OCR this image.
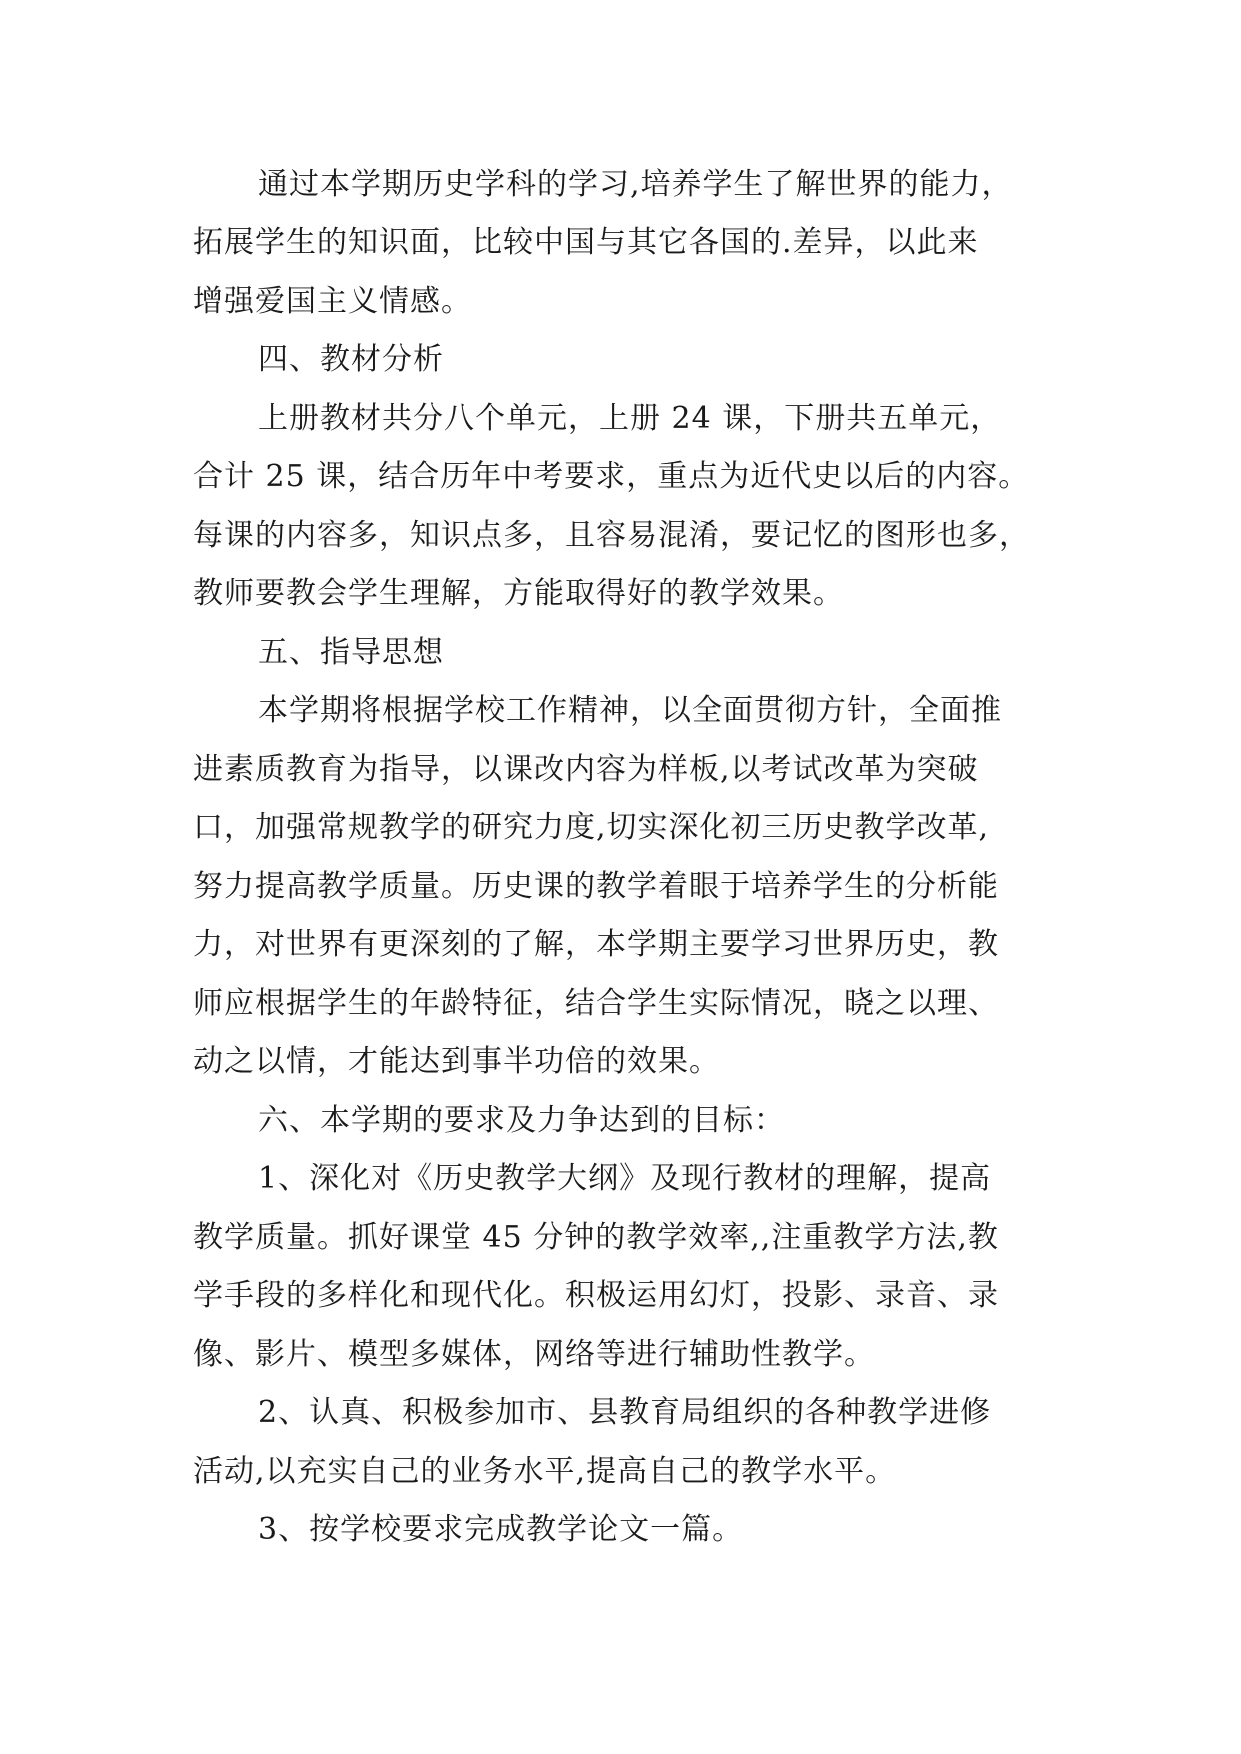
通过本学期历史学科的学习,培养学生了解世界的能力，
拓展学生的知识面，比较中国与其它各国的.差异，以此来
增强爱国主义情感。
四、教材分析
上册教材共分八个单元，上册 24 课，下册共五单元，
合计 25 课，结合历年中考要求，重点为近代史以后的内容。
每课的内容多，知识点多，且容易混淆，要记忆的图形也多，
教师要教会学生理解，方能取得好的教学效果。
五、指导思想
本学期将根据学校工作精神，以全面贯彻方针，全面推
进素质教育为指导，以课改内容为样板,以考试改革为突破
口，加强常规教学的研究力度,切实深化初三历史教学改革,
努力提高教学质量。历史课的教学着眼于培养学生的分析能
力，对世界有更深刻的了解，本学期主要学习世界历史，教
师应根据学生的年龄特征，结合学生实际情况，晓之以理、
动之以情，才能达到事半功倍的效果。
六、本学期的要求及力争达到的目标：
1、深化对《历史教学大纲》及现行教材的理解，提高
教学质量。抓好课堂 45 分钟的教学效率,,注重教学方法,教
学手段的多样化和现代化。积极运用幻灯，投影、录音、录
像、影片、模型多媒体，网络等进行辅助性教学。
2、认真、积极参加市、县教育局组织的各种教学进修
活动,以充实自己的业务水平,提高自己的教学水平。
3、按学校要求完成教学论文一篇。
